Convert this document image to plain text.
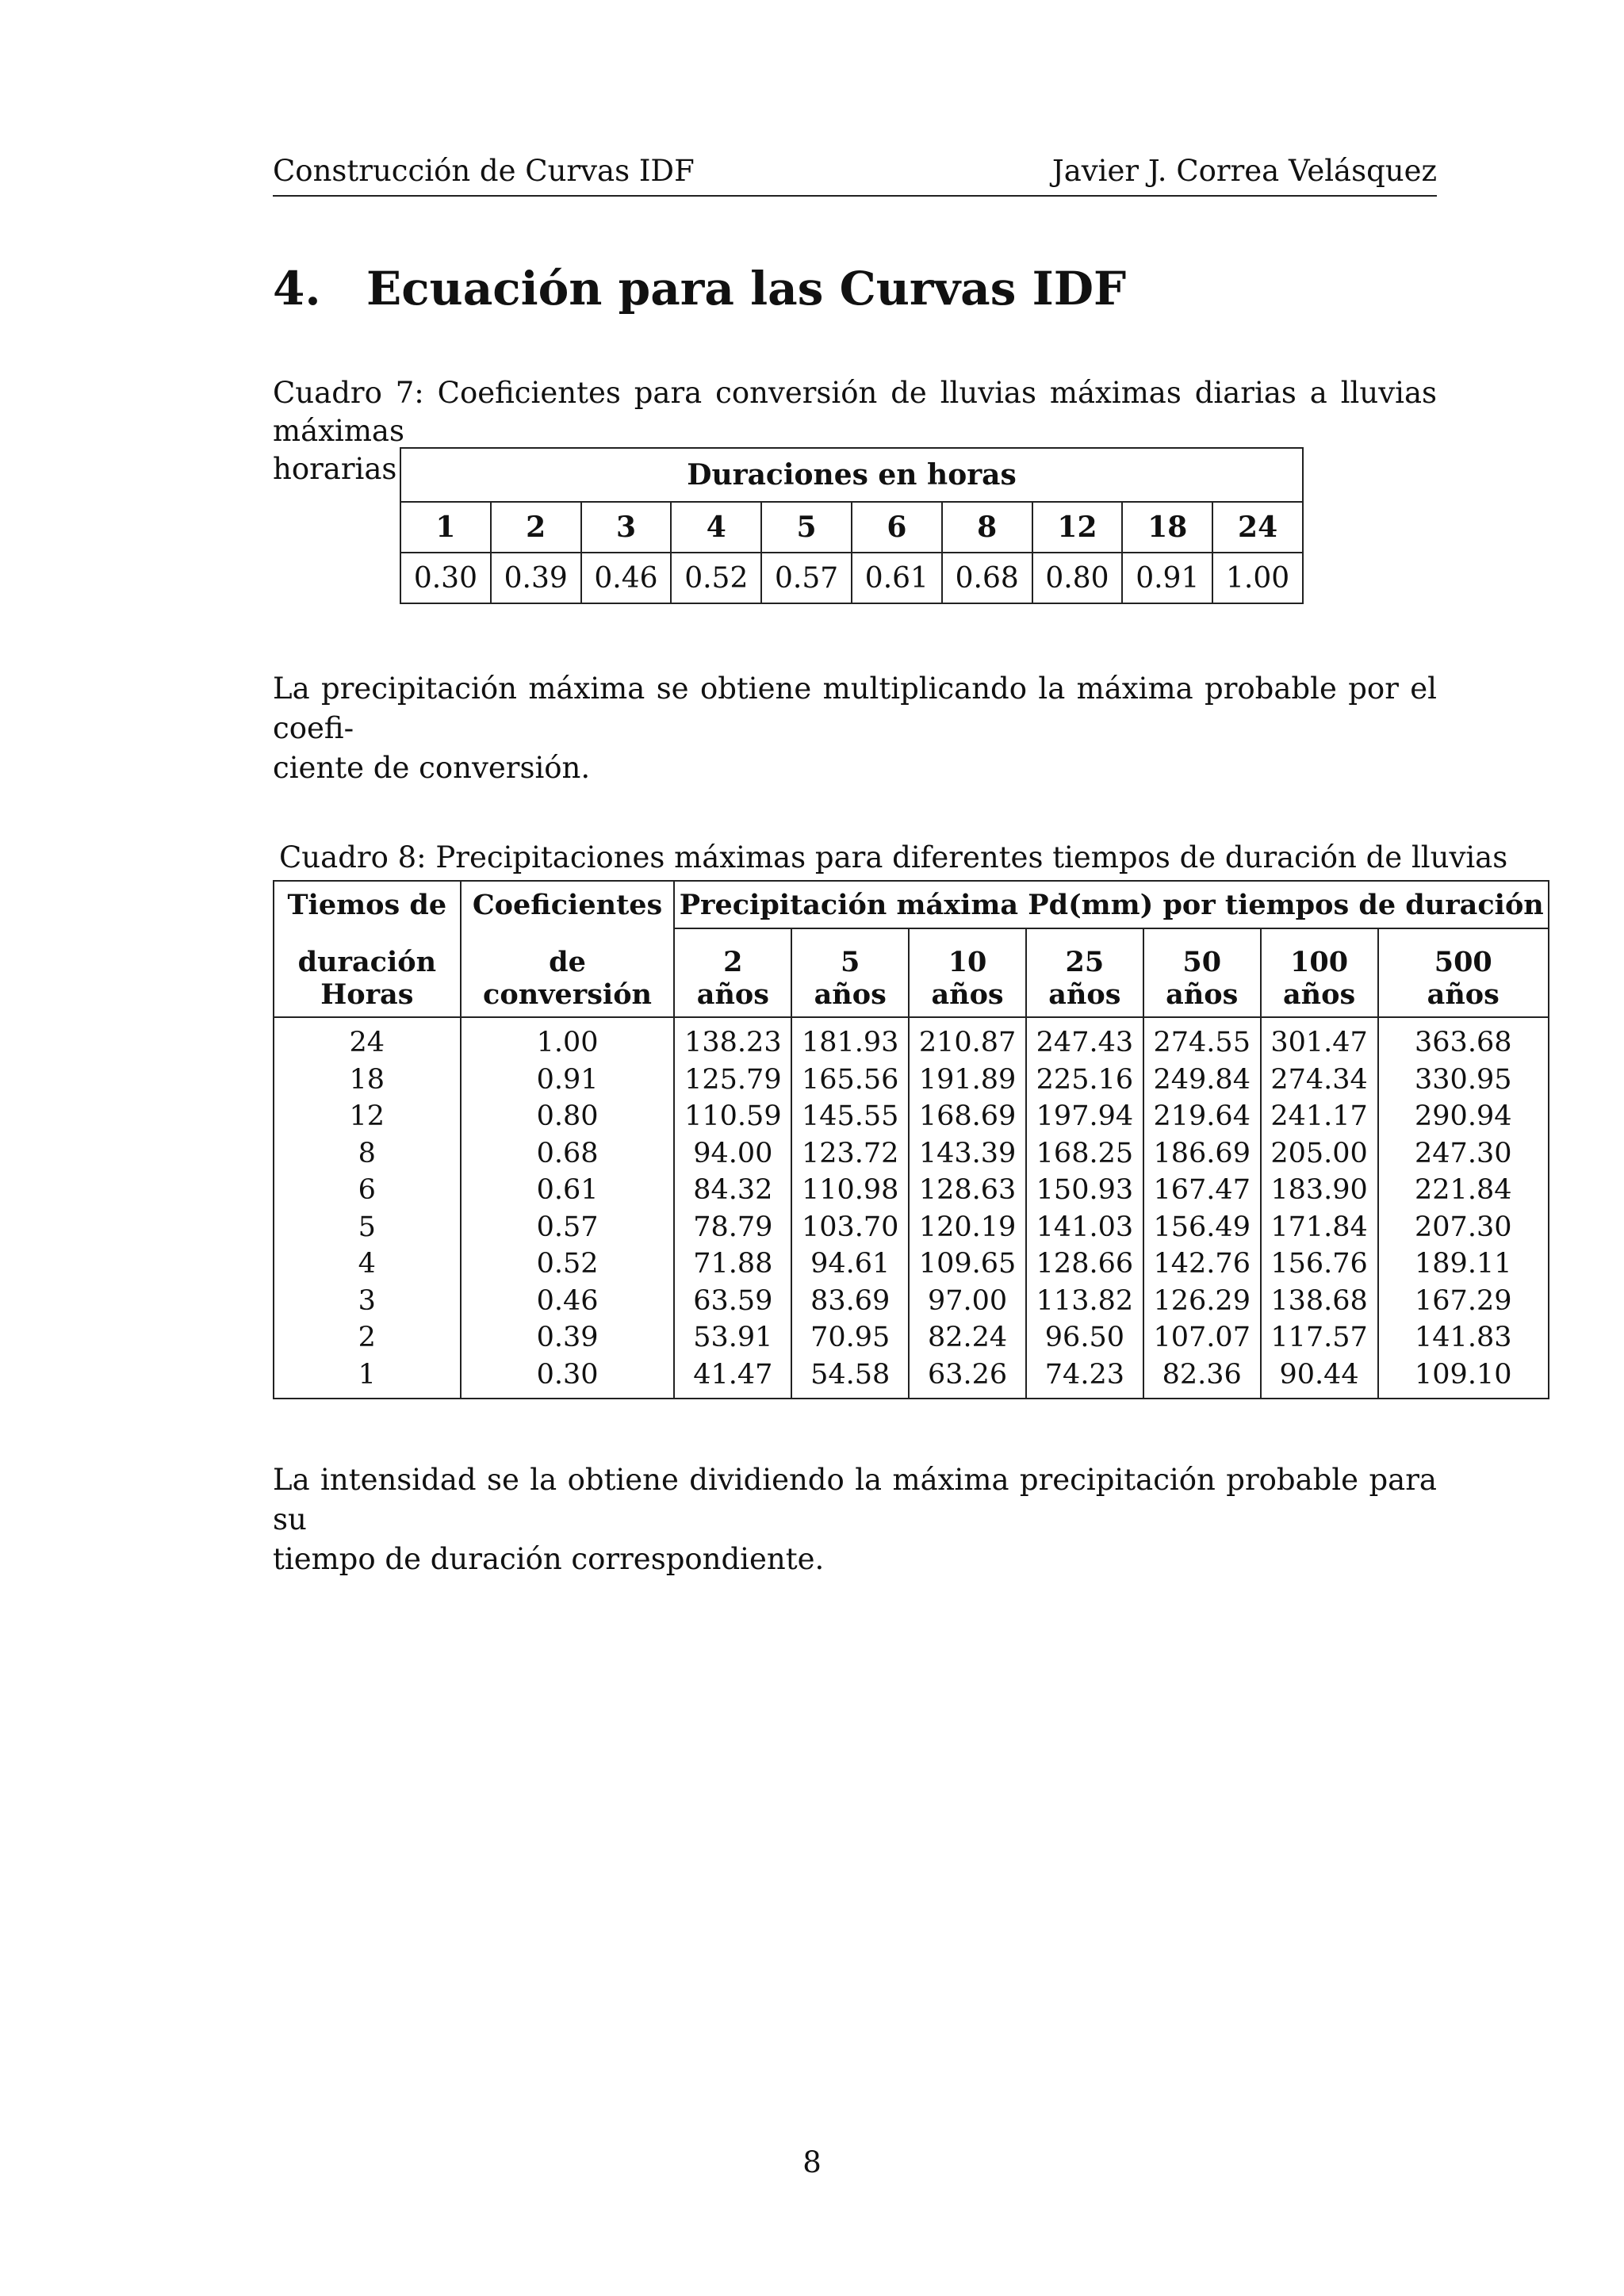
Construcción de Curvas IDF	Javier J. Correa Velásquez
4. Ecuación para las Curvas IDF
Cuadro 7: Coeficientes para conversión de lluvias máximas diarias a lluvias máximas
horarias	Duraciones en horas									
1	2	3	4	5	6	8	12	18	24
0.30	0.39	0.46	0.52	0.57	0.61	0.68	0.80	0.91	1.00
La precipitación máxima se obtiene multiplicando la máxima probable por el coefi-
ciente de conversión.
Cuadro 8: Precipitaciones máximas para diferentes tiempos de duración de lluvias
Tiemos de	Coeficientes	Precipitación máxima Pd(mm) por tiempos de duración						
duración	de	2	5	10	25	50	100	500
Horas	conversión	años	años	años	años	años	años	años

24	1.00	138.23	181.93	210.87	247.43	274.55	301.47	363.68
18	0.91	125.79	165.56	191.89	225.16	249.84	274.34	330.95
12	0.80	110.59	145.55	168.69	197.94	219.64	241.17	290.94
8	0.68	94.00	123.72	143.39	168.25	186.69	205.00	247.30
6	0.61	84.32	110.98	128.63	150.93	167.47	183.90	221.84
5	0.57	78.79	103.70	120.19	141.03	156.49	171.84	207.30
4	0.52	71.88	94.61	109.65	128.66	142.76	156.76	189.11
3	0.46	63.59	83.69	97.00	113.82	126.29	138.68	167.29
2	0.39	53.91	70.95	82.24	96.50	107.07	117.57	141.83
1	0.30	41.47	54.58	63.26	74.23	82.36	90.44	109.10
La intensidad se la obtiene dividiendo la máxima precipitación probable para su
tiempo de duración correspondiente.
8
